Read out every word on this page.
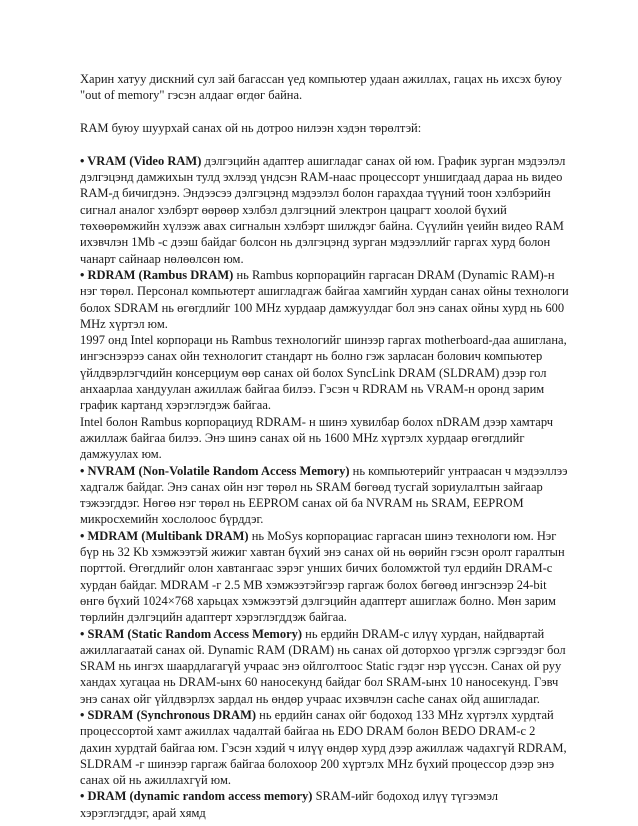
Харин хатуу дискний сул зай багассан үед компьютер удаан ажиллах, гацах нь ихсэх буюу "out of memory" гэсэн алдааг өгдөг байна.

RAM буюу шуурхай санах ой нь дотроо нилээн хэдэн төрөлтэй:

• VRAM (Video RAM) дэлгэцийн адаптер ашигладаг санах ой юм. График зурган мэдээлэл дэлгэцэнд дамжихын тулд эхлээд үндсэн RAM-наас процессорт уншигдаад дараа нь видео RAM-д бичигдэнэ. Эндээсээ дэлгэцэнд мэдээлэл болон гарахдаа түүний тоон хэлбэрийн сигнал аналог хэлбэрт өөрөөр хэлбэл дэлгэцний электрон цацрагт хоолой бүхий төхөөрөмжийн хүлээж авах сигналын хэлбэрт шилждэг байна. Сүүлийн үеийн видео RAM ихэвчлэн 1Mb -с дээш байдаг болсон нь дэлгэцэнд зурган мэдээллийг гаргах хурд болон чанарт сайнаар нөлөөлсөн юм.

• RDRAM (Rambus DRAM) нь Rambus корпорацийн гаргасан DRAM (Dynamic RAM)-н нэг төрөл. Персонал компьютерт ашигладгаж байгаа хамгийн хурдан санах ойны технологи болох SDRAM нь өгөгдлийг 100 MHz хурдаар дамжуулдаг бол энэ санах ойны хурд нь 600 MHz хүртэл юм.

1997 онд Intel корпораци нь Rambus технологийг шинээр гаргах motherboard-даа ашиглана, ингэснээрээ санах ойн технологит стандарт нь болно гэж зарласан болович компьютер үйлдвэрлэгчдийн консерциум өөр санах ой болох SyncLink DRAM (SLDRAM) дээр гол анхаарлаа хандуулан ажиллаж байгаа билээ. Гэсэн ч RDRAM нь VRAM-н оронд зарим график картанд хэрэглэгдэж байгаа.

Intel болон Rambus корпорациуд RDRAM- н шинэ хувилбар болох nDRAM дээр хамтарч ажиллаж байгаа билээ. Энэ шинэ санах ой нь 1600 MHz хүртэлх хурдаар өгөгдлийг дамжуулах юм.

• NVRAM (Non-Volatile Random Access Memory) нь компьютерийг унтраасан ч мэдээллээ хадгалж байдаг. Энэ санах ойн нэг төрөл нь SRAM бөгөөд тусгай зориулалтын зайгаар тэжээгддэг. Нөгөө нэг төрөл нь EEPROM санах ой ба NVRAM нь SRAM, EEPROM микросхемийн хослолоос бүрддэг.

• MDRAM (Multibank DRAM) нь MoSys корпорациас гаргасан шинэ технологи юм. Нэг бүр нь 32 Kb хэмжээтэй жижиг хавтан бүхий энэ санах ой нь өөрийн гэсэн оролт гаралтын порттой. Өгөгдлийг олон хавтангаас зэрэг унших бичих боломжтой тул ердийн DRAM-с хурдан байдаг. MDRAM -г 2.5 MB хэмжээтэйгээр гаргаж болох бөгөөд ингэснээр 24-bit өнгө бүхий 1024×768 харьцах хэмжээтэй дэлгэцийн адаптерт ашиглаж болно. Мөн зарим төрлийн дэлгэцийн адаптерт хэрэглэгддэж байгаа.

• SRAM (Static Random Access Memory) нь ердийн DRAM-с илүү хурдан, найдвартай ажиллагаатай санах ой. Dynamic RAM (DRAM) нь санах ой доторхоо үргэлж сэргээдэг бол SRAM нь ингэх шаардлагагүй учраас энэ ойлголтоос Static гэдэг нэр үүссэн. Санах ой руу хандах хугацаа нь DRAM-ынх 60 наносекунд байдаг бол SRAM-ынх 10 наносекунд. Гэвч энэ санах ойг үйлдвэрлэх зардал нь өндөр учраас ихэвчлэн cache санах ойд ашигладаг.

• SDRAM (Synchronous DRAM) нь ердийн санах ойг бодоход 133 MHz хүртэлх хурдтай процессортой хамт ажиллах чадалтай байгаа нь EDO DRAM болон BEDO DRAM-с 2 дахин хурдтай байгаа юм. Гэсэн хэдий ч илүү өндөр хурд дээр ажиллаж чадахгүй RDRAM, SLDRAM -г шинээр гаргаж байгаа болохоор 200 хүртэлх MHz бүхий процессор дээр энэ санах ой нь ажиллахгүй юм.

• DRAM (dynamic random access memory) SRAM-ийг бодоход илүү түгээмэл хэрэглэгддэг, арай хямд
